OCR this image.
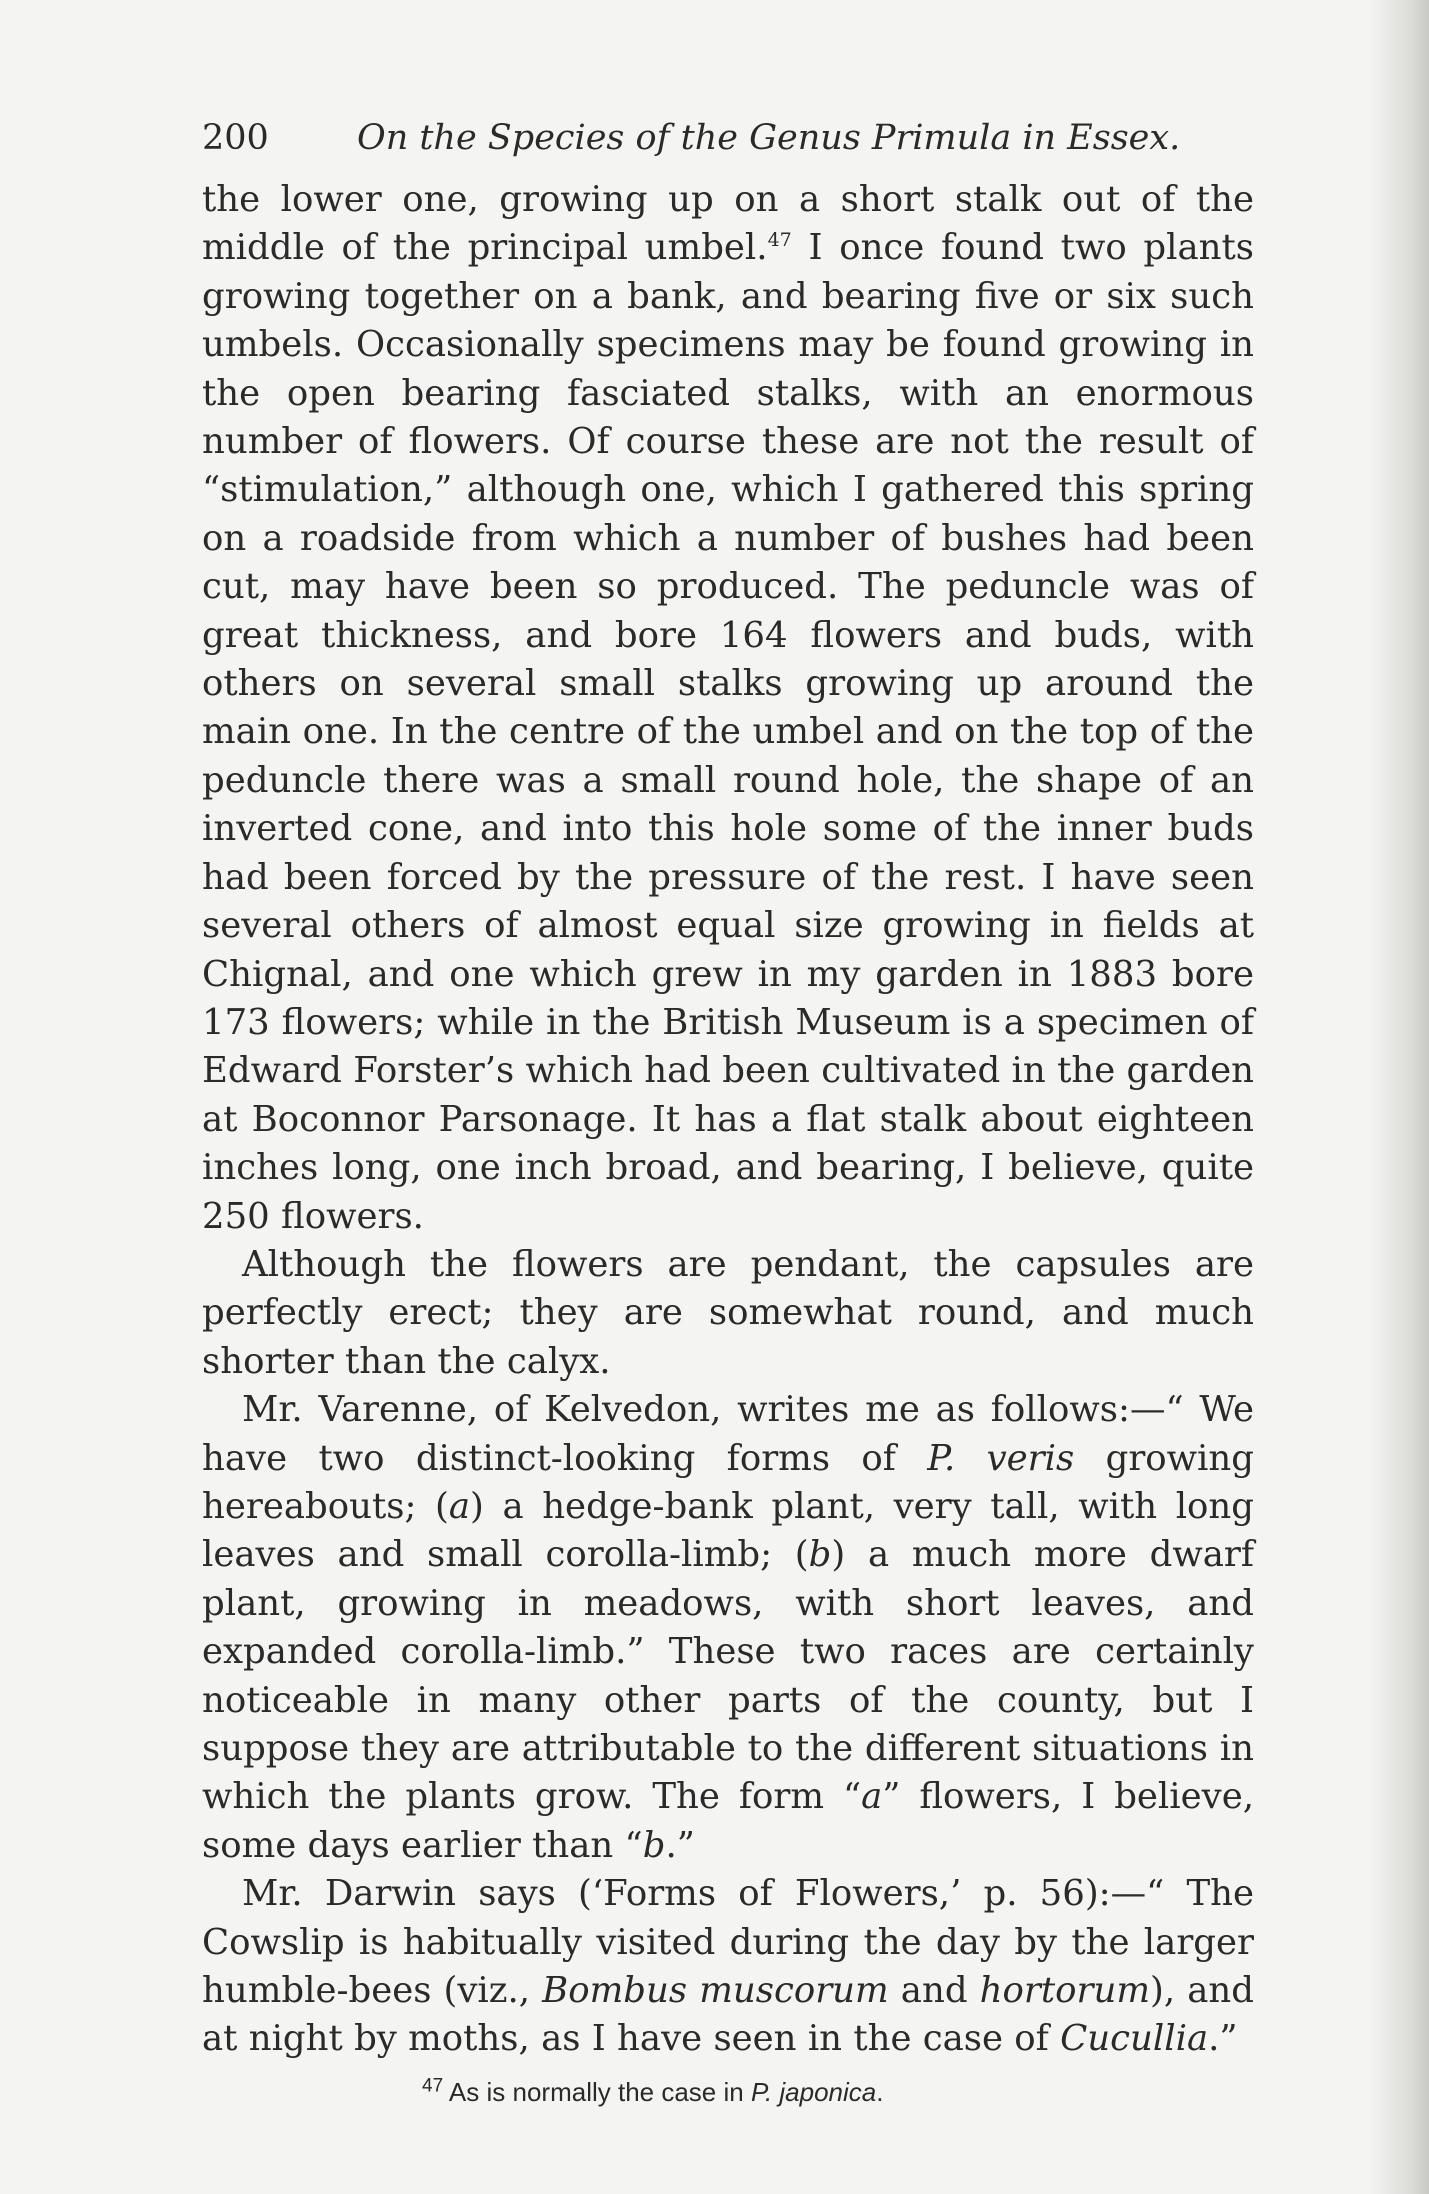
200	On the Species of the Genus Primula in Essex.

the lower one, growing up on a short stalk out of the middle of the principal umbel.$^{47}$ I once found two plants growing together on a bank, and bearing five or six such umbels. Occasionally specimens may be found growing in the open bearing fasciated stalks, with an enormous number of flowers. Of course these are not the result of “stimulation,” although one, which I gathered this spring on a roadside from which a number of bushes had been cut, may have been so produced. The peduncle was of great thickness, and bore 164 flowers and buds, with others on several small stalks growing up around the main one. In the centre of the umbel and on the top of the peduncle there was a small round hole, the shape of an inverted cone, and into this hole some of the inner buds had been forced by the pressure of the rest. I have seen several others of almost equal size growing in fields at Chignal, and one which grew in my garden in 1883 bore 173 flowers; while in the British Museum is a specimen of Edward Forster’s which had been cultivated in the garden at Boconnor Parsonage. It has a flat stalk about eighteen inches long, one inch broad, and bearing, I believe, quite 250 flowers.

Although the flowers are pendant, the capsules are perfectly erect; they are somewhat round, and much shorter than the calyx.

Mr. Varenne, of Kelvedon, writes me as follows:—“ We have two distinct-looking forms of P. veris growing hereabouts; (a) a hedge-bank plant, very tall, with long leaves and small corolla-limb; (b) a much more dwarf plant, growing in meadows, with short leaves, and expanded corolla-limb.” These two races are certainly noticeable in many other parts of the county, but I suppose they are attributable to the different situations in which the plants grow. The form “a” flowers, I believe, some days earlier than “b.”

Mr. Darwin says (‘Forms of Flowers,’ p. 56):—“ The Cowslip is habitually visited during the day by the larger humble-bees (viz., Bombus muscorum and hortorum), and at night by moths, as I have seen in the case of Cucullia.”

$^{47}$ As is normally the case in P. japonica.
